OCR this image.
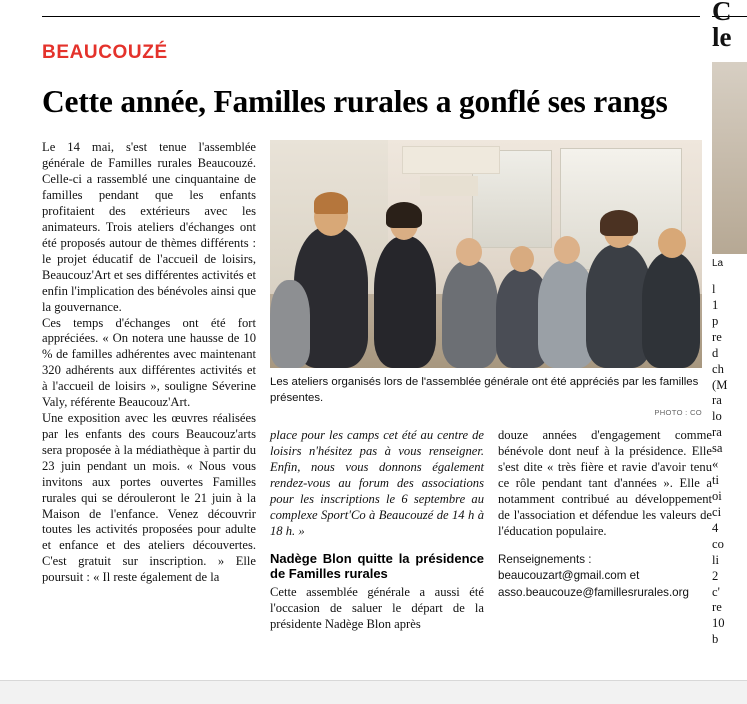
BEAUCOUZÉ
Cette année, Familles rurales a gonflé ses rangs

Le 14 mai, s'est tenue l'assemblée générale de Familles rurales Beaucouzé. Celle-ci a rassemblé une cinquantaine de familles pendant que les enfants profitaient des extérieurs avec les animateurs. Trois ateliers d'échanges ont été proposés autour de thèmes différents : le projet éducatif de l'accueil de loisirs, Beaucouz'Art et ses différentes activités et enfin l'implication des bénévoles ainsi que la gouvernance.

Ces temps d'échanges ont été fort appréciées. « On notera une hausse de 10 % de familles adhérentes avec maintenant 320 adhérents aux différentes activités et à l'accueil de loisirs », souligne Séverine Valy, référente Beaucouz'Art.

Une exposition avec les œuvres réalisées par les enfants des cours Beaucouz'arts sera proposée à la médiathèque à partir du 23 juin pendant un mois. « Nous vous invitons aux portes ouvertes Familles rurales qui se dérouleront le 21 juin à la Maison de l'enfance. Venez découvrir toutes les activités proposées pour adulte et enfance et des ateliers découvertes. C'est gratuit sur inscription. » Elle poursuit : « Il reste également de la

Les ateliers organisés lors de l'assemblée générale ont été appréciés par les familles présentes.
PHOTO : CO

place pour les camps cet été au centre de loisirs n'hésitez pas à vous renseigner. Enfin, nous vous donnons également rendez-vous au forum des associations pour les inscriptions le 6 septembre au complexe Sport'Co à Beaucouzé de 14 h à 18 h. »

Nadège Blon quitte la présidence de Familles rurales

Cette assemblée générale a aussi été l'occasion de saluer le départ de la présidente Nadège Blon après

douze années d'engagement comme bénévole dont neuf à la présidence. Elle s'est dite « très fière et ravie d'avoir tenu ce rôle pendant tant d'années ». Elle a notamment contribué au développement de l'association et défendue les valeurs de l'éducation populaire.

Renseignements :
beaucouzart@gmail.com et
asso.beaucouze@famillesrurales.org
C
le
La

l

1

p

re

d

ch

(M

ra

lo

ra

sa

«

ti

oi

ci

4

co

li

2

c'

re

10

b
